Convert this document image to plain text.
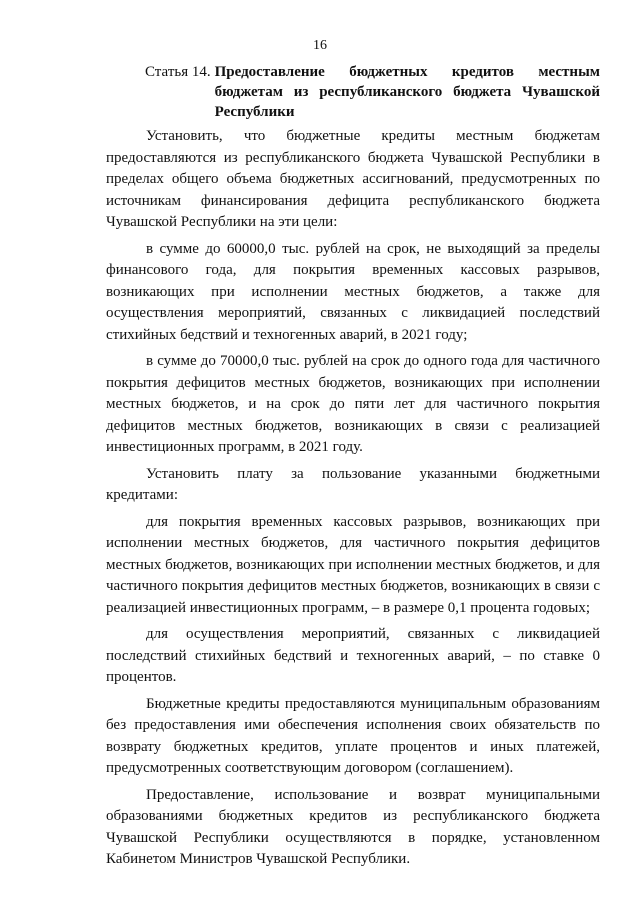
16
Статья 14. Предоставление бюджетных кредитов местным бюджетам из республиканского бюджета Чувашской Республики

Установить, что бюджетные кредиты местным бюджетам предоставляются из республиканского бюджета Чувашской Республики в пределах общего объема бюджетных ассигнований, предусмотренных по источникам финансирования дефицита республиканского бюджета Чувашской Республики на эти цели:

в сумме до 60000,0 тыс. рублей на срок, не выходящий за пределы финансового года, для покрытия временных кассовых разрывов, возникающих при исполнении местных бюджетов, а также для осуществления мероприятий, связанных с ликвидацией последствий стихийных бедствий и техногенных аварий, в 2021 году;

в сумме до 70000,0 тыс. рублей на срок до одного года для частичного покрытия дефицитов местных бюджетов, возникающих при исполнении местных бюджетов, и на срок до пяти лет для частичного покрытия дефицитов местных бюджетов, возникающих в связи с реализацией инвестиционных программ, в 2021 году.

Установить плату за пользование указанными бюджетными кредитами:

для покрытия временных кассовых разрывов, возникающих при исполнении местных бюджетов, для частичного покрытия дефицитов местных бюджетов, возникающих при исполнении местных бюджетов, и для частичного покрытия дефицитов местных бюджетов, возникающих в связи с реализацией инвестиционных программ, – в размере 0,1 процента годовых;

для осуществления мероприятий, связанных с ликвидацией последствий стихийных бедствий и техногенных аварий, – по ставке 0 процентов.

Бюджетные кредиты предоставляются муниципальным образованиям без предоставления ими обеспечения исполнения своих обязательств по возврату бюджетных кредитов, уплате процентов и иных платежей, предусмотренных соответствующим договором (соглашением).

Предоставление, использование и возврат муниципальными образованиями бюджетных кредитов из республиканского бюджета Чувашской Республики осуществляются в порядке, установленном Кабинетом Министров Чувашской Республики.
